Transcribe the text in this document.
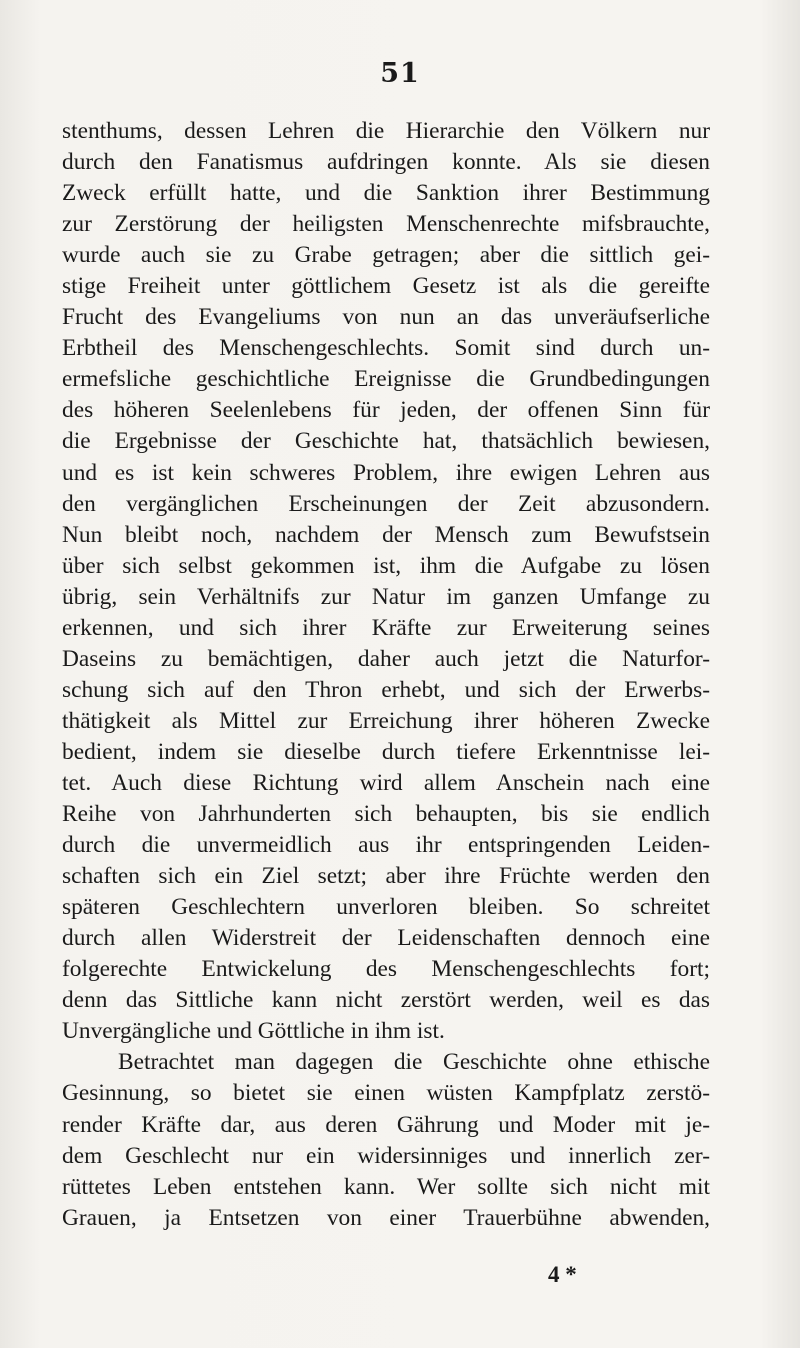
51
stenthums, dessen Lehren die Hierarchie den Völkern nur
durch den Fanatismus aufdringen konnte. Als sie diesen
Zweck erfüllt hatte, und die Sanktion ihrer Bestimmung
zur Zerstörung der heiligsten Menschenrechte mifsbrauchte,
wurde auch sie zu Grabe getragen; aber die sittlich gei-
stige Freiheit unter göttlichem Gesetz ist als die gereifte
Frucht des Evangeliums von nun an das unveräufserliche
Erbtheil des Menschengeschlechts. Somit sind durch un-
ermefsliche geschichtliche Ereignisse die Grundbedingungen
des höheren Seelenlebens für jeden, der offenen Sinn für
die Ergebnisse der Geschichte hat, thatsächlich bewiesen,
und es ist kein schweres Problem, ihre ewigen Lehren aus
den vergänglichen Erscheinungen der Zeit abzusondern.
Nun bleibt noch, nachdem der Mensch zum Bewufstsein
über sich selbst gekommen ist, ihm die Aufgabe zu lösen
übrig, sein Verhältnifs zur Natur im ganzen Umfange zu
erkennen, und sich ihrer Kräfte zur Erweiterung seines
Daseins zu bemächtigen, daher auch jetzt die Naturfor-
schung sich auf den Thron erhebt, und sich der Erwerbs-
thätigkeit als Mittel zur Erreichung ihrer höheren Zwecke
bedient, indem sie dieselbe durch tiefere Erkenntnisse lei-
tet. Auch diese Richtung wird allem Anschein nach eine
Reihe von Jahrhunderten sich behaupten, bis sie endlich
durch die unvermeidlich aus ihr entspringenden Leiden-
schaften sich ein Ziel setzt; aber ihre Früchte werden den
späteren Geschlechtern unverloren bleiben. So schreitet
durch allen Widerstreit der Leidenschaften dennoch eine
folgerechte Entwickelung des Menschengeschlechts fort;
denn das Sittliche kann nicht zerstört werden, weil es das
Unvergängliche und Göttliche in ihm ist.
Betrachtet man dagegen die Geschichte ohne ethische
Gesinnung, so bietet sie einen wüsten Kampfplatz zerstö-
render Kräfte dar, aus deren Gährung und Moder mit je-
dem Geschlecht nur ein widersinniges und innerlich zer-
rüttetes Leben entstehen kann. Wer sollte sich nicht mit
Grauen, ja Entsetzen von einer Trauerbühne abwenden,
4 *
